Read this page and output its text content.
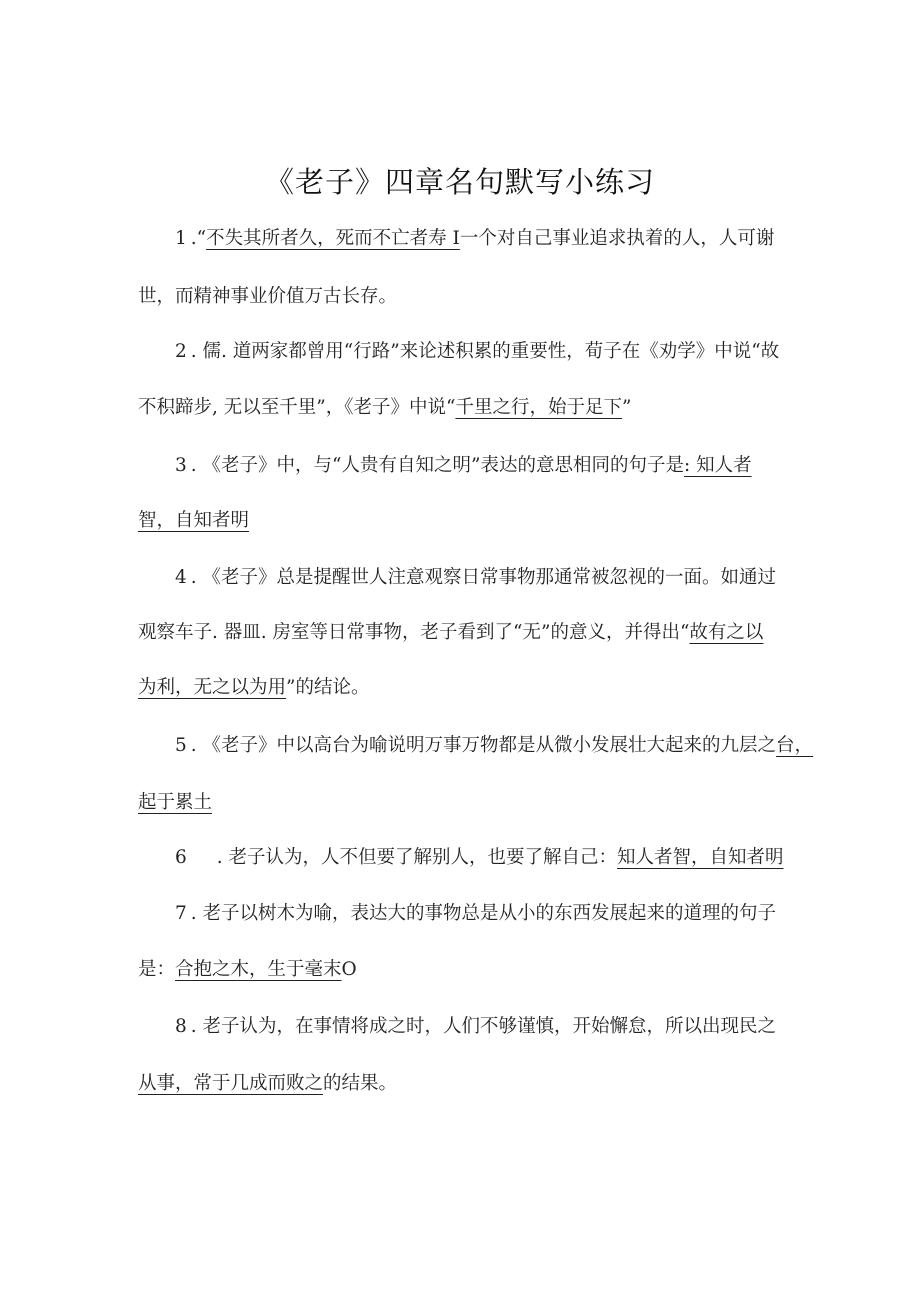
《老子》四章名句默写小练习
1 .“不失其所者久，死而不亡者寿 I一个对自己事业追求执着的人，人可谢
世，而精神事业价值万古长存。
2 . 儒. 道两家都曾用“行路”来论述积累的重要性，荀子在《劝学》中说“故
不积蹄步, 无以至千里”，《老子》中说“千里之行，始于足下”
3 . 《老子》中，与“人贵有自知之明”表达的意思相同的句子是: 知人者
智，自知者明
4 . 《老子》总是提醒世人注意观察日常事物那通常被忽视的一面。如通过
观察车子. 器皿. 房室等日常事物，老子看到了“无”的意义，并得出“故有之以
为利，无之以为用”的结论。
5 . 《老子》中以高台为喻说明万事万物都是从微小发展壮大起来的九层之台，
起于累土
6 . 老子认为，人不但要了解别人，也要了解自己：知人者智，自知者明
7 . 老子以树木为喻，表达大的事物总是从小的东西发展起来的道理的句子
是：合抱之木，生于毫末O
8 . 老子认为，在事情将成之时，人们不够谨慎，开始懈怠，所以出现民之
从事，常于几成而败之的结果。
